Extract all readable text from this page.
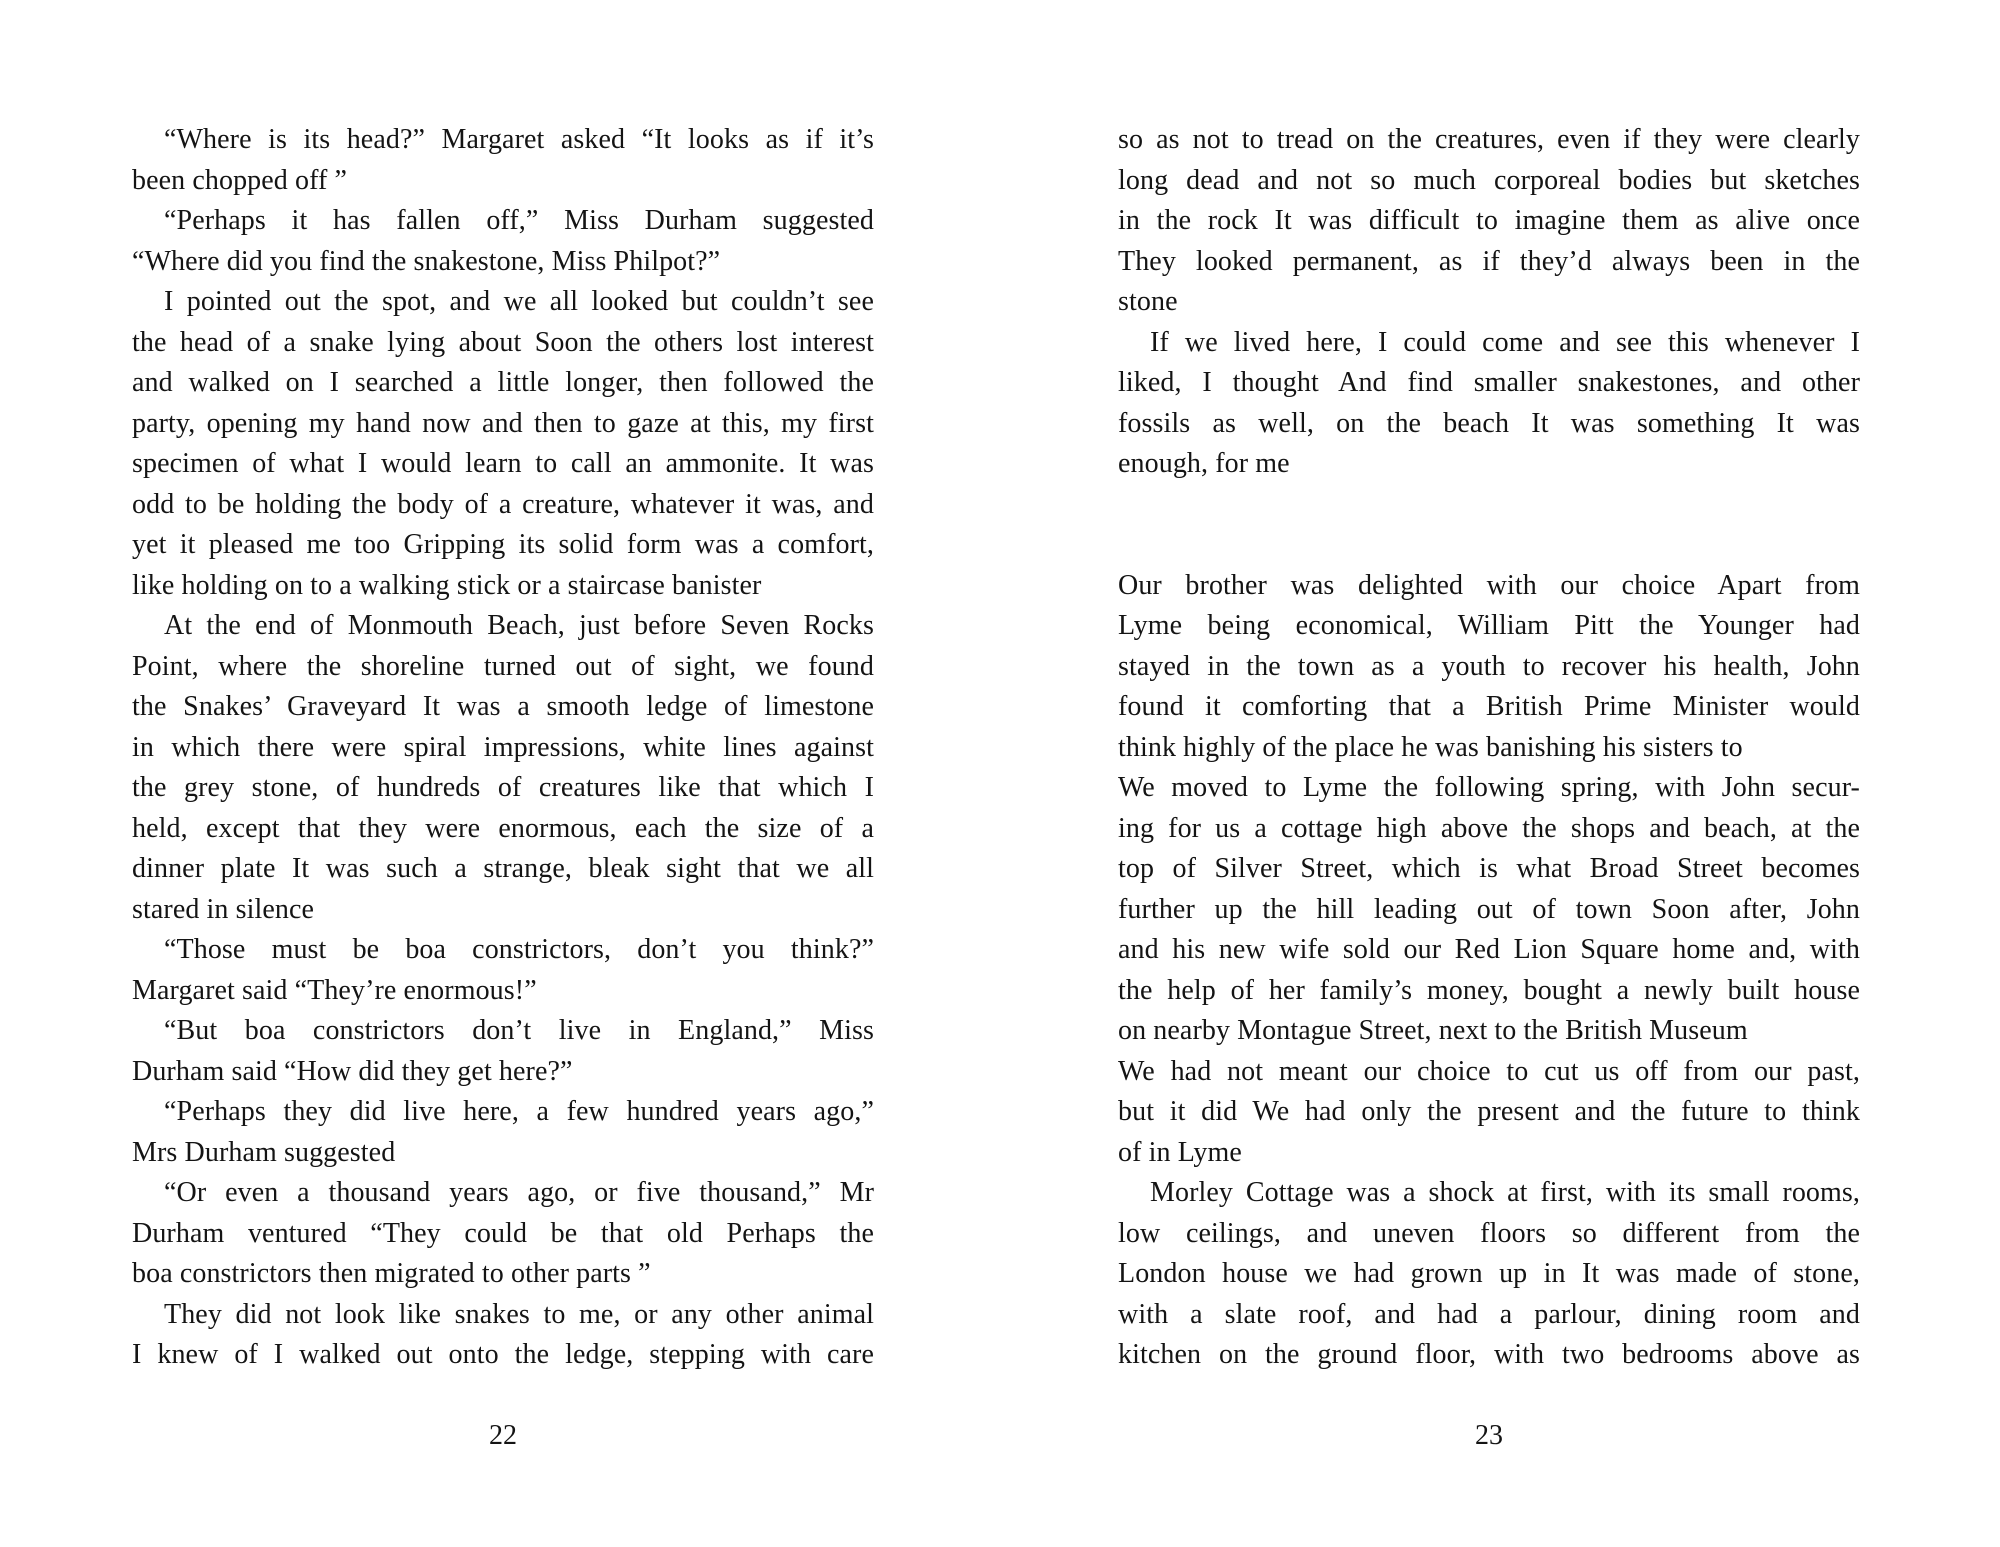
“Where is its head?” Margaret asked “It looks as if it’s
been chopped off ”
“Perhaps it has fallen off,” Miss Durham suggested
“Where did you find the snakestone, Miss Philpot?”
I pointed out the spot, and we all looked but couldn’t see
the head of a snake lying about Soon the others lost interest
and walked on I searched a little longer, then followed the
party, opening my hand now and then to gaze at this, my first
specimen of what I would learn to call an ammonite. It was
odd to be holding the body of a creature, whatever it was, and
yet it pleased me too Gripping its solid form was a comfort,
like holding on to a walking stick or a staircase banister
At the end of Monmouth Beach, just before Seven Rocks
Point, where the shoreline turned out of sight, we found
the Snakes’ Graveyard It was a smooth ledge of limestone
in which there were spiral impressions, white lines against
the grey stone, of hundreds of creatures like that which I
held, except that they were enormous, each the size of a
dinner plate It was such a strange, bleak sight that we all
stared in silence
“Those must be boa constrictors, don’t you think?”
Margaret said “They’re enormous!”
“But boa constrictors don’t live in England,” Miss
Durham said “How did they get here?”
“Perhaps they did live here, a few hundred years ago,”
Mrs Durham suggested
“Or even a thousand years ago, or five thousand,” Mr
Durham ventured “They could be that old Perhaps the
boa constrictors then migrated to other parts ”
They did not look like snakes to me, or any other animal
I knew of I walked out onto the ledge, stepping with care
22
so as not to tread on the creatures, even if they were clearly
long dead and not so much corporeal bodies but sketches
in the rock It was difficult to imagine them as alive once
They looked permanent, as if they’d always been in the
stone
If we lived here, I could come and see this whenever I
liked, I thought And find smaller snakestones, and other
fossils as well, on the beach It was something It was
enough, for me
Our brother was delighted with our choice Apart from
Lyme being economical, William Pitt the Younger had
stayed in the town as a youth to recover his health, John
found it comforting that a British Prime Minister would
think highly of the place he was banishing his sisters to
We moved to Lyme the following spring, with John secur-
ing for us a cottage high above the shops and beach, at the
top of Silver Street, which is what Broad Street becomes
further up the hill leading out of town Soon after, John
and his new wife sold our Red Lion Square home and, with
the help of her family’s money, bought a newly built house
on nearby Montague Street, next to the British Museum
We had not meant our choice to cut us off from our past,
but it did We had only the present and the future to think
of in Lyme
Morley Cottage was a shock at first, with its small rooms,
low ceilings, and uneven floors so different from the
London house we had grown up in It was made of stone,
with a slate roof, and had a parlour, dining room and
kitchen on the ground floor, with two bedrooms above as
23
